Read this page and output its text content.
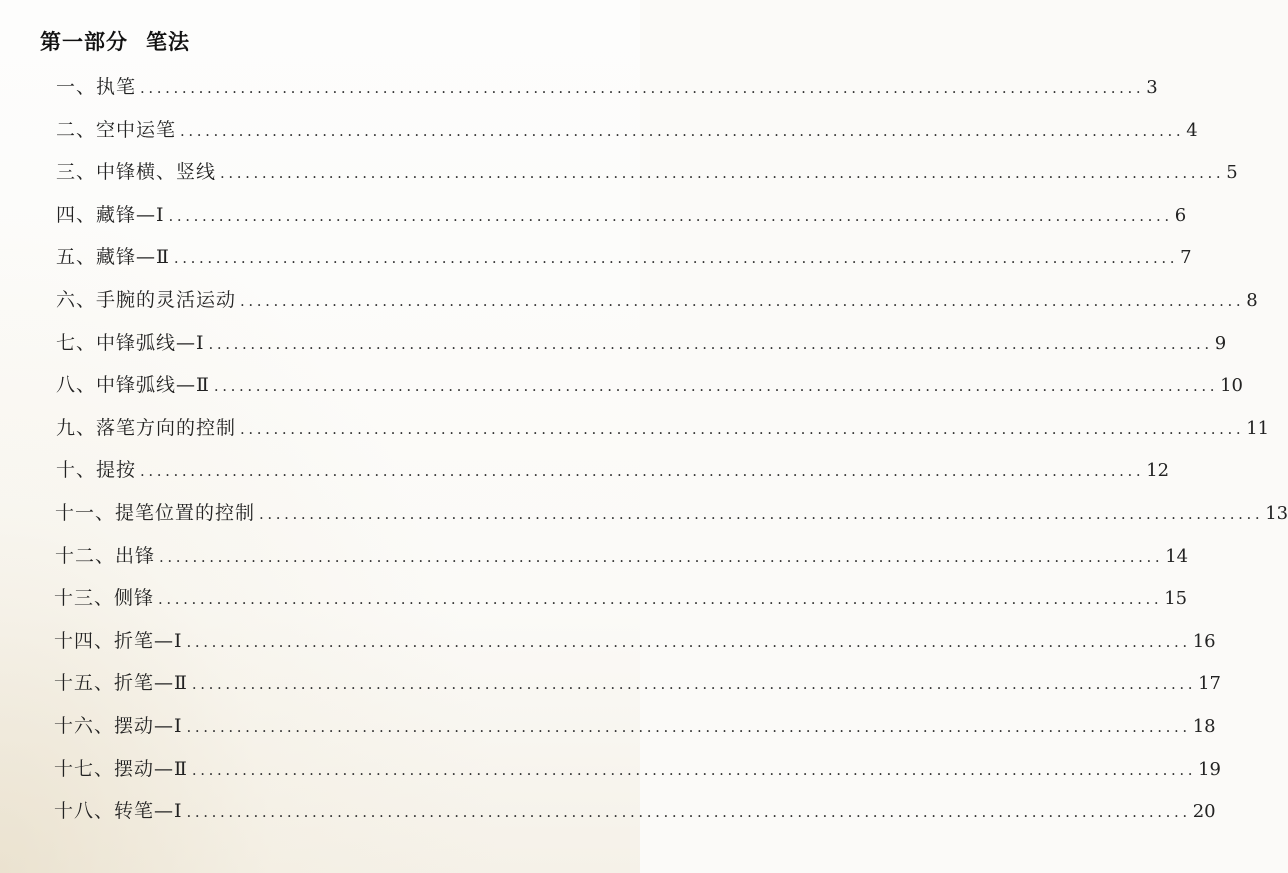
第一部分 笔法
一、执笔 ........................................................................................................................ 3
二、空中运笔 ........................................................................................................................ 4
三、中锋横、竖线 ........................................................................................................................ 5
四、藏锋—Ⅰ ........................................................................................................................ 6
五、藏锋—Ⅱ ........................................................................................................................ 7
六、手腕的灵活运动 ........................................................................................................................ 8
七、中锋弧线—Ⅰ ........................................................................................................................ 9
八、中锋弧线—Ⅱ ........................................................................................................................ 10
九、落笔方向的控制 ........................................................................................................................ 11
十、提按 ........................................................................................................................ 12
十一、提笔位置的控制 ........................................................................................................................ 13
十二、出锋 ........................................................................................................................ 14
十三、侧锋 ........................................................................................................................ 15
十四、折笔—Ⅰ ........................................................................................................................ 16
十五、折笔—Ⅱ ........................................................................................................................ 17
十六、摆动—Ⅰ ........................................................................................................................ 18
十七、摆动—Ⅱ ........................................................................................................................ 19
十八、转笔—Ⅰ ........................................................................................................................ 20
